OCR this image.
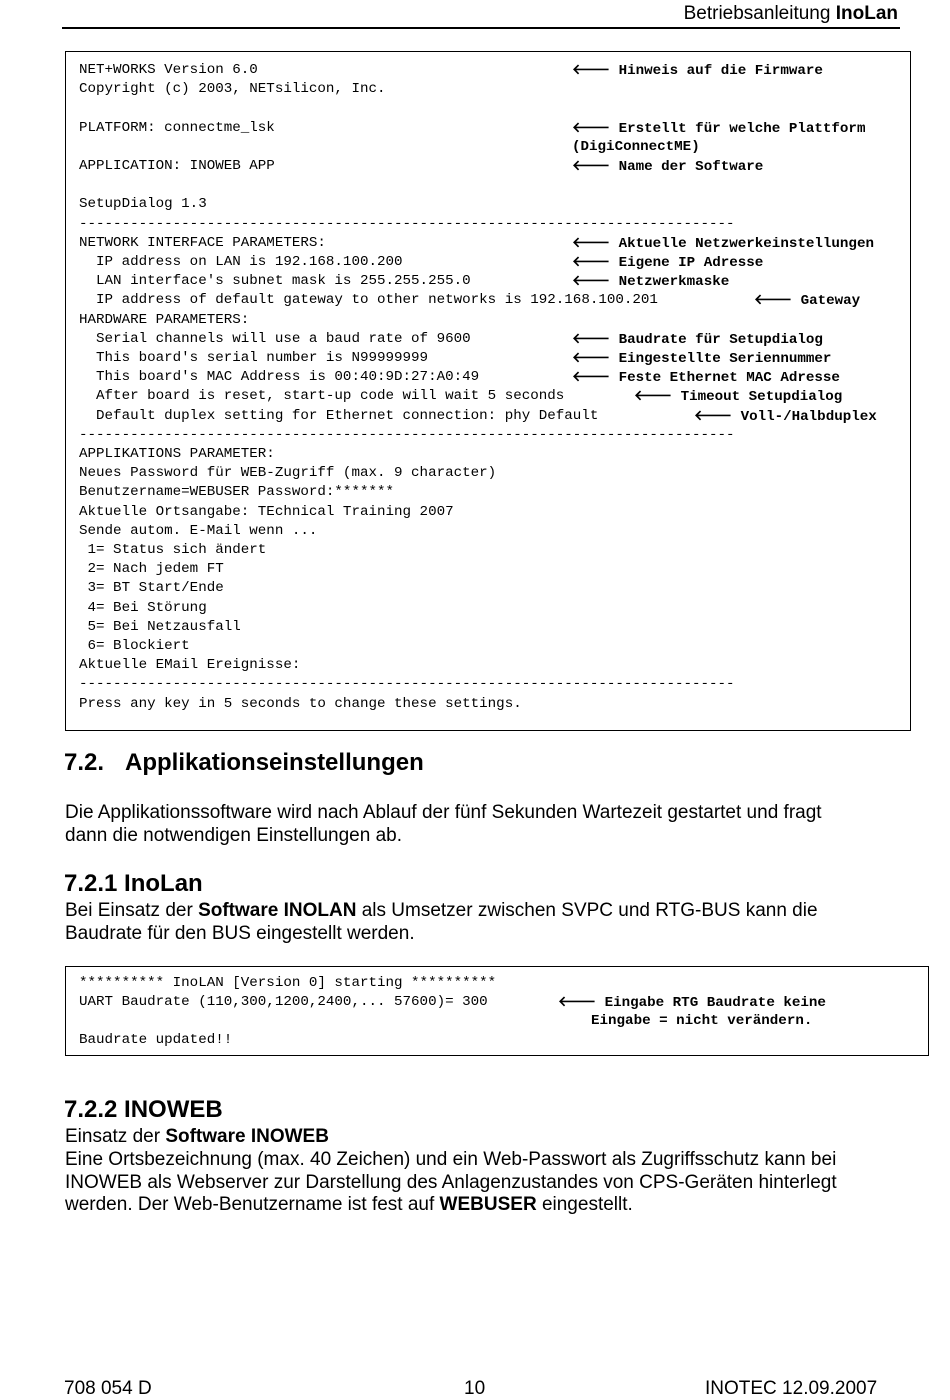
Betriebsanleitung InoLan
NET+WORKS Version 6.0
Copyright (c) 2003, NETsilicon, Inc.
PLATFORM: connectme_lsk
APPLICATION: INOWEB APP
SetupDialog 1.3
-----------------------------------------------------------------------------
NETWORK INTERFACE PARAMETERS:
IP address on LAN is 192.168.100.200
LAN interface's subnet mask is 255.255.255.0
IP address of default gateway to other networks is 192.168.100.201
HARDWARE PARAMETERS:
Serial channels will use a baud rate of 9600
This board's serial number is N99999999
This board's MAC Address is 00:40:9D:27:A0:49
After board is reset, start-up code will wait 5 seconds
Default duplex setting for Ethernet connection: phy Default
-----------------------------------------------------------------------------
APPLIKATIONS PARAMETER:
Neues Password für WEB-Zugriff (max. 9 character)
Benutzername=WEBUSER Password:*******
Aktuelle Ortsangabe: TEchnical Training 2007
Sende autom. E-Mail wenn ...
1= Status sich ändert
2= Nach jedem FT
3= BT Start/Ende
4= Bei Störung
5= Bei Netzausfall
6= Blockiert
Aktuelle EMail Ereignisse:
-----------------------------------------------------------------------------
Press any key in 5 seconds to change these settings.
🡐 Hinweis auf die Firmware
🡐 Erstellt für welche Plattform
(DigiConnectME)
🡐 Name der Software
🡐 Aktuelle Netzwerkeinstellungen
🡐 Eigene IP Adresse
🡐 Netzwerkmaske
🡐 Gateway
🡐 Baudrate für Setupdialog
🡐 Eingestellte Seriennummer
🡐 Feste Ethernet MAC Adresse
🡐 Timeout Setupdialog
🡐 Voll-/Halbduplex
7.2. Applikationseinstellungen
Die Applikationssoftware wird nach Ablauf der fünf Sekunden Wartezeit gestartet und fragt
dann die notwendigen Einstellungen ab.
7.2.1 InoLan
Bei Einsatz der Software INOLAN als Umsetzer zwischen SVPC und RTG-BUS kann die
Baudrate für den BUS eingestellt werden.
********** InoLAN [Version 0] starting **********
UART Baudrate (110,300,1200,2400,... 57600)= 300
Baudrate updated!!
🡐 Eingabe RTG Baudrate keine
Eingabe = nicht verändern.
7.2.2 INOWEB
Einsatz der Software INOWEB
Eine Ortsbezeichnung (max. 40 Zeichen) und ein Web-Passwort als Zugriffsschutz kann bei
INOWEB als Webserver zur Darstellung des Anlagenzustandes von CPS-Geräten hinterlegt
werden. Der Web-Benutzername ist fest auf WEBUSER eingestellt.
708 054 D	10	INOTEC 12.09.2007
